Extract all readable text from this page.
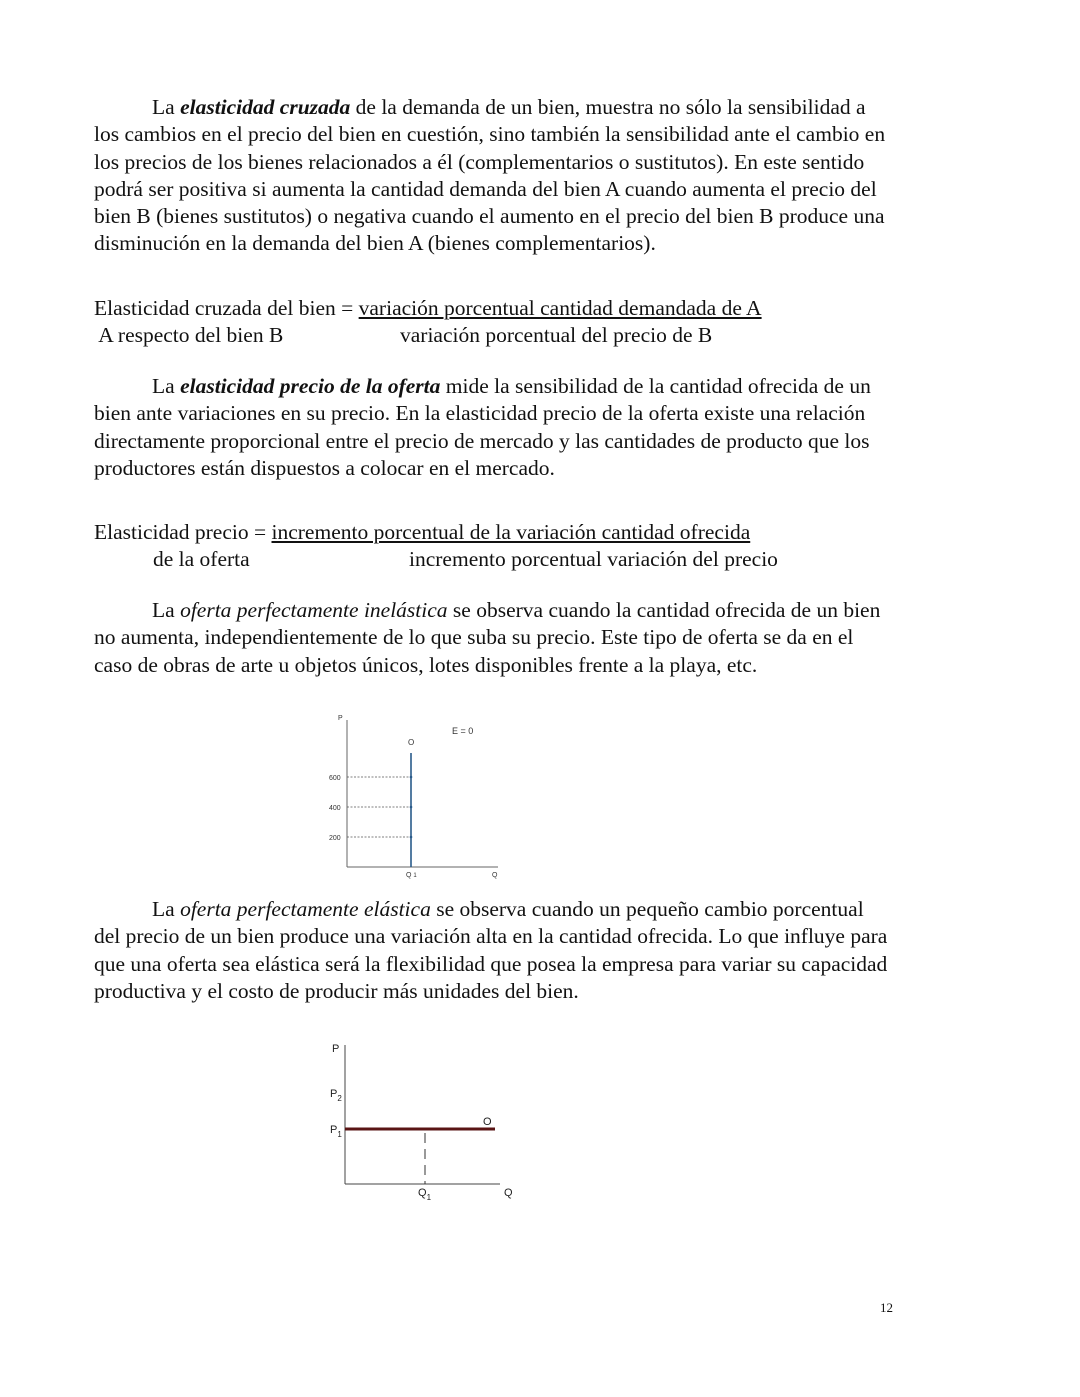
La elasticidad cruzada de la demanda de un bien, muestra no sólo la sensibilidad a los cambios en el precio del bien en cuestión, sino también la sensibilidad ante el cambio en los precios de los bienes relacionados a él (complementarios o sustitutos). En este sentido podrá ser positiva si aumenta la cantidad demanda del bien A cuando aumenta el precio del bien B (bienes sustitutos) o negativa cuando el aumento en el precio del bien B produce una disminución en la demanda del bien A (bienes complementarios).

Elasticidad cruzada del bien = variación porcentual cantidad demandada de A
A respecto del bien B	variación porcentual del precio de B

La elasticidad precio de la oferta mide la sensibilidad de la cantidad ofrecida de un bien ante variaciones en su precio. En la elasticidad precio de la oferta existe una relación directamente proporcional entre el precio de mercado y las cantidades de producto que los productores están dispuestos a colocar en el mercado.

Elasticidad precio = incremento porcentual de la variación cantidad ofrecida
de la oferta	incremento porcentual variación del precio

La oferta perfectamente inelástica se observa cuando la cantidad ofrecida de un bien no aumenta, independientemente de lo que suba su precio. Este tipo de oferta se da en el caso de obras de arte u objetos únicos, lotes disponibles frente a la playa, etc.

P
Q
E = 0
O
600
400
200
Q 1

La oferta perfectamente elástica se observa cuando un pequeño cambio porcentual del precio de un bien produce una variación alta en la cantidad ofrecida. Lo que influye para que una oferta sea elástica será la flexibilidad que posea la empresa para variar su capacidad productiva y el costo de producir más unidades del bien.

P
Q
$P_2$
$P_1$
O
$Q_1$
12
